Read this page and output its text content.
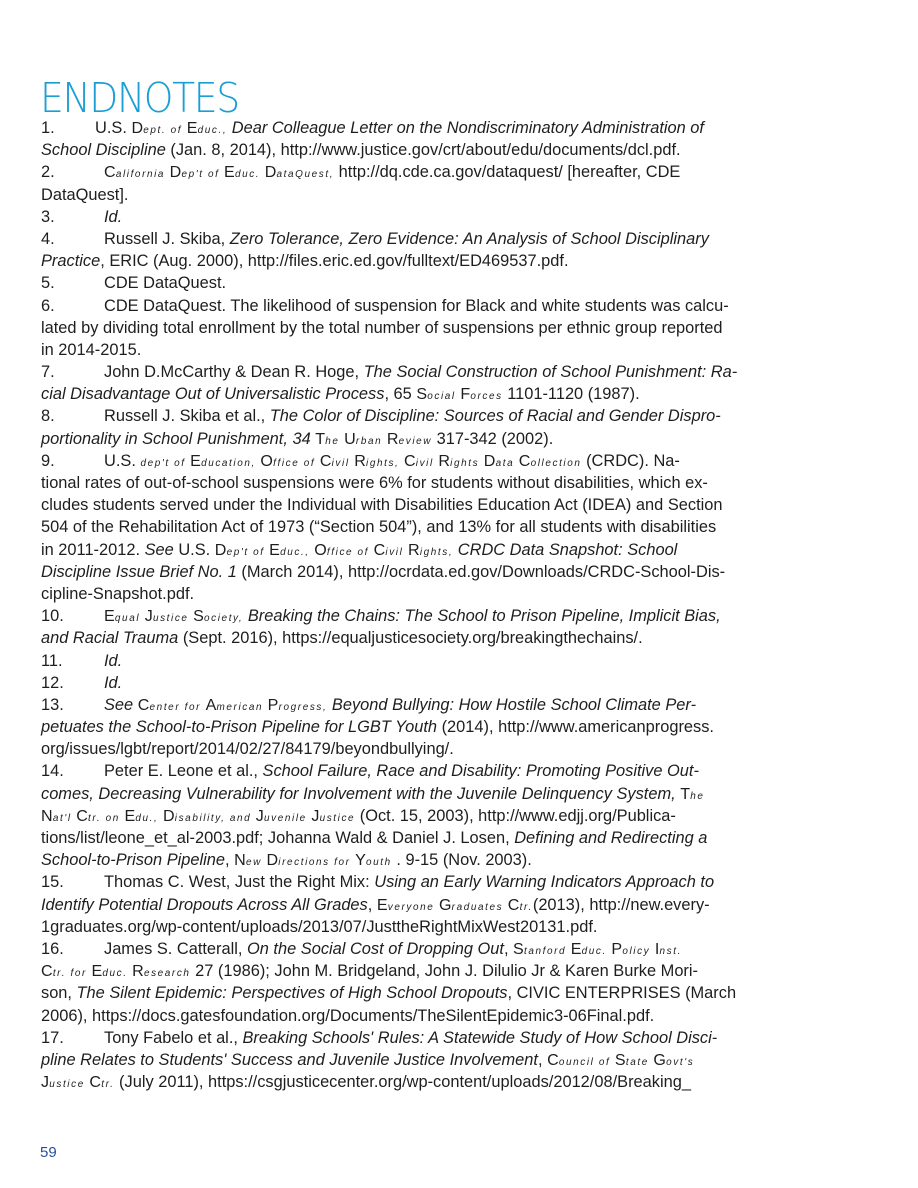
ENDNOTES
1. U.S. Dept. of Educ., Dear Colleague Letter on the Nondiscriminatory Administration of
School Discipline (Jan. 8, 2014), http://www.justice.gov/crt/about/edu/documents/dcl.pdf.
2.	California Dep't of Educ. DataQuest, http://dq.cde.ca.gov/dataquest/ [hereafter, CDE
DataQuest].
3.	Id.
4.	Russell J. Skiba, Zero Tolerance, Zero Evidence: An Analysis of School Disciplinary
Practice, ERIC (Aug. 2000), http://files.eric.ed.gov/fulltext/ED469537.pdf.
5.	CDE DataQuest.
6.	CDE DataQuest. The likelihood of suspension for Black and white students was calcu-
lated by dividing total enrollment by the total number of suspensions per ethnic group reported
in 2014-2015.
7.	John D.McCarthy & Dean R. Hoge, The Social Construction of School Punishment: Ra-
cial Disadvantage Out of Universalistic Process, 65 Social Forces 1101-1120 (1987).
8.	Russell J. Skiba et al., The Color of Discipline: Sources of Racial and Gender Dispro-
portionality in School Punishment, 34 The Urban Review 317-342 (2002).
9.	U.S. dep't of Education, Office of Civil Rights, Civil Rights Data Collection (CRDC). Na-
tional rates of out-of-school suspensions were 6% for students without disabilities, which ex-
cludes students served under the Individual with Disabilities Education Act (IDEA) and Section
504 of the Rehabilitation Act of 1973 (“Section 504”), and 13% for all students with disabilities
in 2011-2012. See U.S. Dep't of Educ., Office of Civil Rights, CRDC Data Snapshot: School
Discipline Issue Brief No. 1 (March 2014), http://ocrdata.ed.gov/Downloads/CRDC-School-Dis-
cipline-Snapshot.pdf.
10.	Equal Justice Society, Breaking the Chains: The School to Prison Pipeline, Implicit Bias,
and Racial Trauma (Sept. 2016), https://equaljusticesociety.org/breakingthechains/.
11.	Id.
12. Id.
13. See Center for American Progress, Beyond Bullying: How Hostile School Climate Per-
petuates the School-to-Prison Pipeline for LGBT Youth (2014), http://www.americanprogress.
org/issues/lgbt/report/2014/02/27/84179/beyondbullying/.
14. Peter E. Leone et al., School Failure, Race and Disability: Promoting Positive Out-
comes, Decreasing Vulnerability for Involvement with the Juvenile Delinquency System, The
Nat'l Ctr. on Edu., Disability, and Juvenile Justice (Oct. 15, 2003), http://www.edjj.org/Publica-
tions/list/leone_et_al-2003.pdf; Johanna Wald & Daniel J. Losen, Defining and Redirecting a
School-to-Prison Pipeline, New Directions for Youth . 9-15 (Nov. 2003).
15. Thomas C. West, Just the Right Mix: Using an Early Warning Indicators Approach to
Identify Potential Dropouts Across All Grades, Everyone Graduates Ctr.(2013), http://new.every-
1graduates.org/wp-content/uploads/2013/07/JusttheRightMixWest20131.pdf.
16. James S. Catterall, On the Social Cost of Dropping Out, Stanford Educ. Policy Inst.
Ctr. for Educ. Research 27 (1986); John M. Bridgeland, John J. Dilulio Jr & Karen Burke Mori-
son, The Silent Epidemic: Perspectives of High School Dropouts, CIVIC ENTERPRISES (March
2006), https://docs.gatesfoundation.org/Documents/TheSilentEpidemic3-06Final.pdf.
17. Tony Fabelo et al., Breaking Schools' Rules: A Statewide Study of How School Disci-
pline Relates to Students' Success and Juvenile Justice Involvement, Council of State Govt's
Justice Ctr. (July 2011), https://csgjusticecenter.org/wp-content/uploads/2012/08/Breaking_
59
